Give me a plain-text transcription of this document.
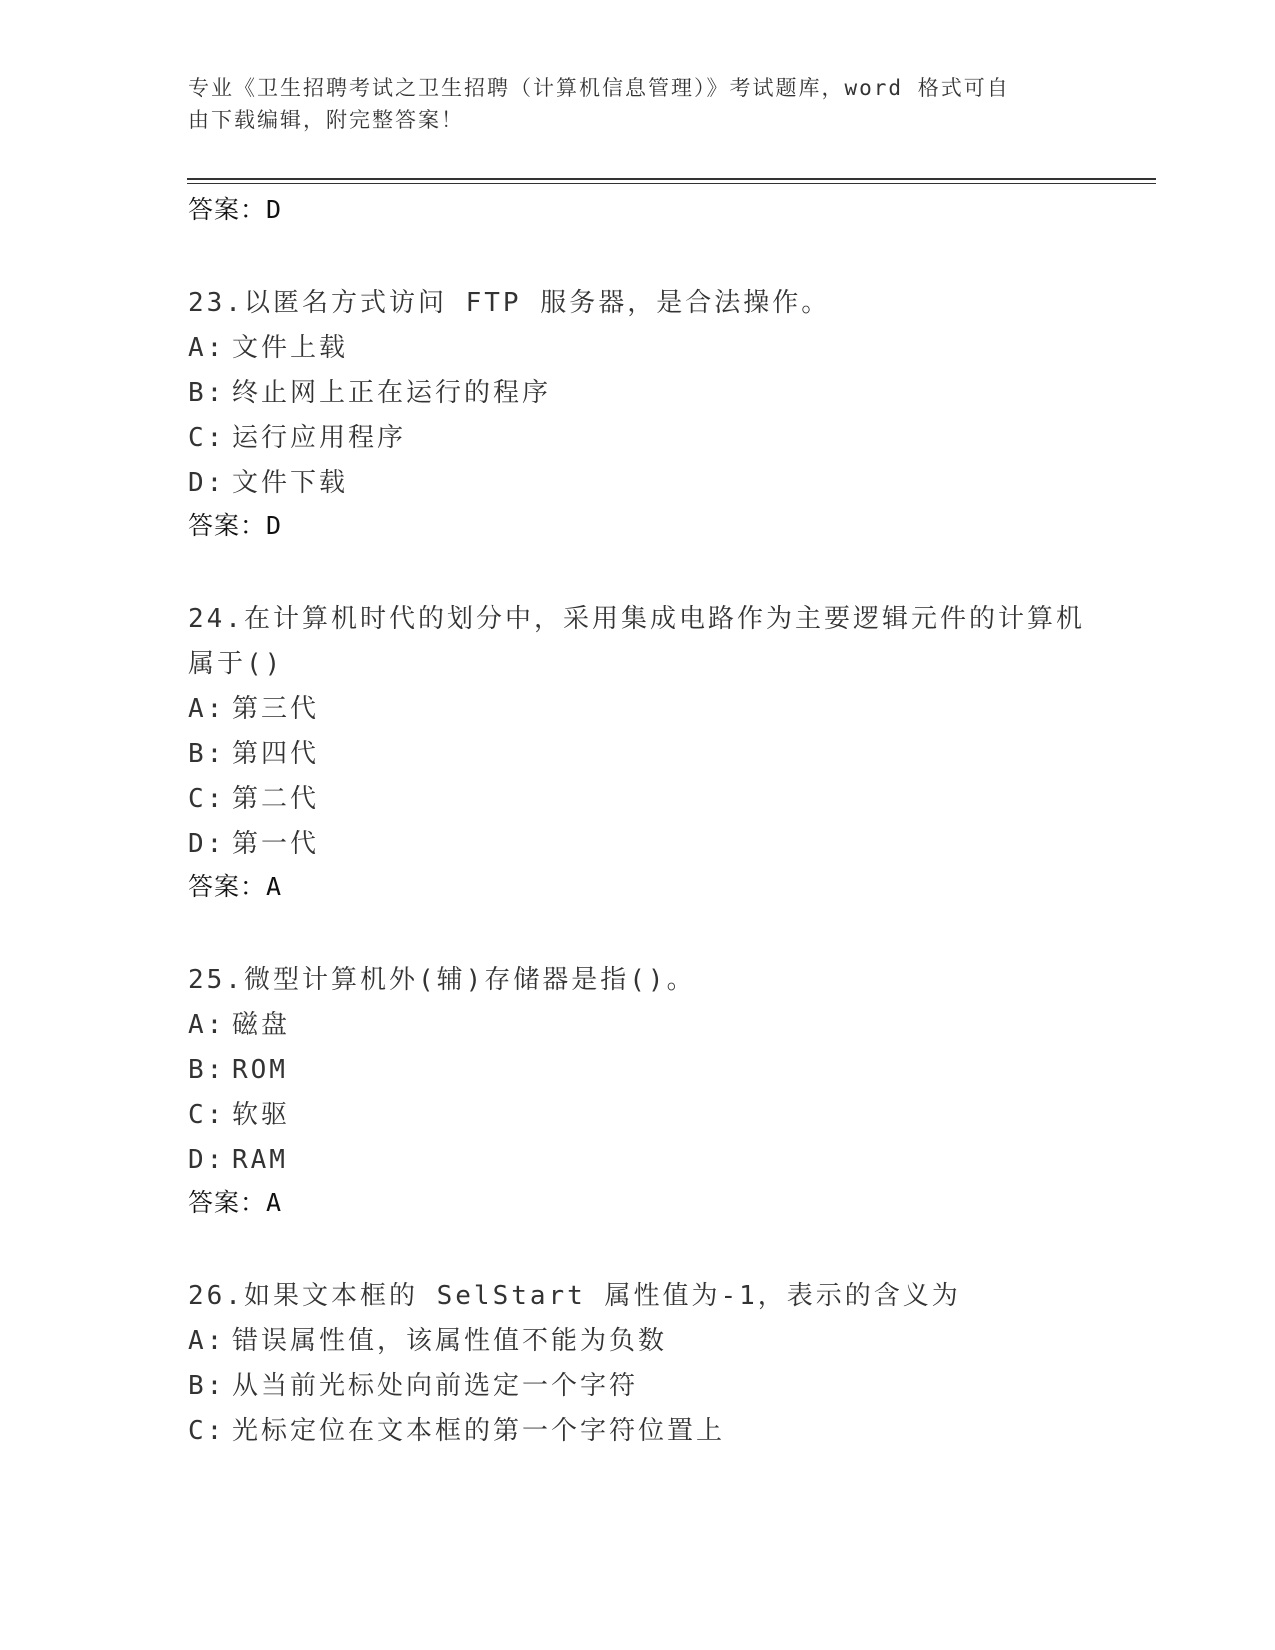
专业《卫生招聘考试之卫生招聘（计算机信息管理）》考试题库，word 格式可自
由下载编辑，附完整答案！
答案：D
23.以匿名方式访问 FTP 服务器，是合法操作。
A: 文件上载
B: 终止网上正在运行的程序
C: 运行应用程序
D: 文件下载
答案：D
24.在计算机时代的划分中，采用集成电路作为主要逻辑元件的计算机属于()
A: 第三代
B: 第四代
C: 第二代
D: 第一代
答案：A
25.微型计算机外(辅)存储器是指()。
A: 磁盘
B: ROM
C: 软驱
D: RAM
答案：A
26.如果文本框的 SelStart 属性值为-1，表示的含义为
A: 错误属性值，该属性值不能为负数
B: 从当前光标处向前选定一个字符
C: 光标定位在文本框的第一个字符位置上
